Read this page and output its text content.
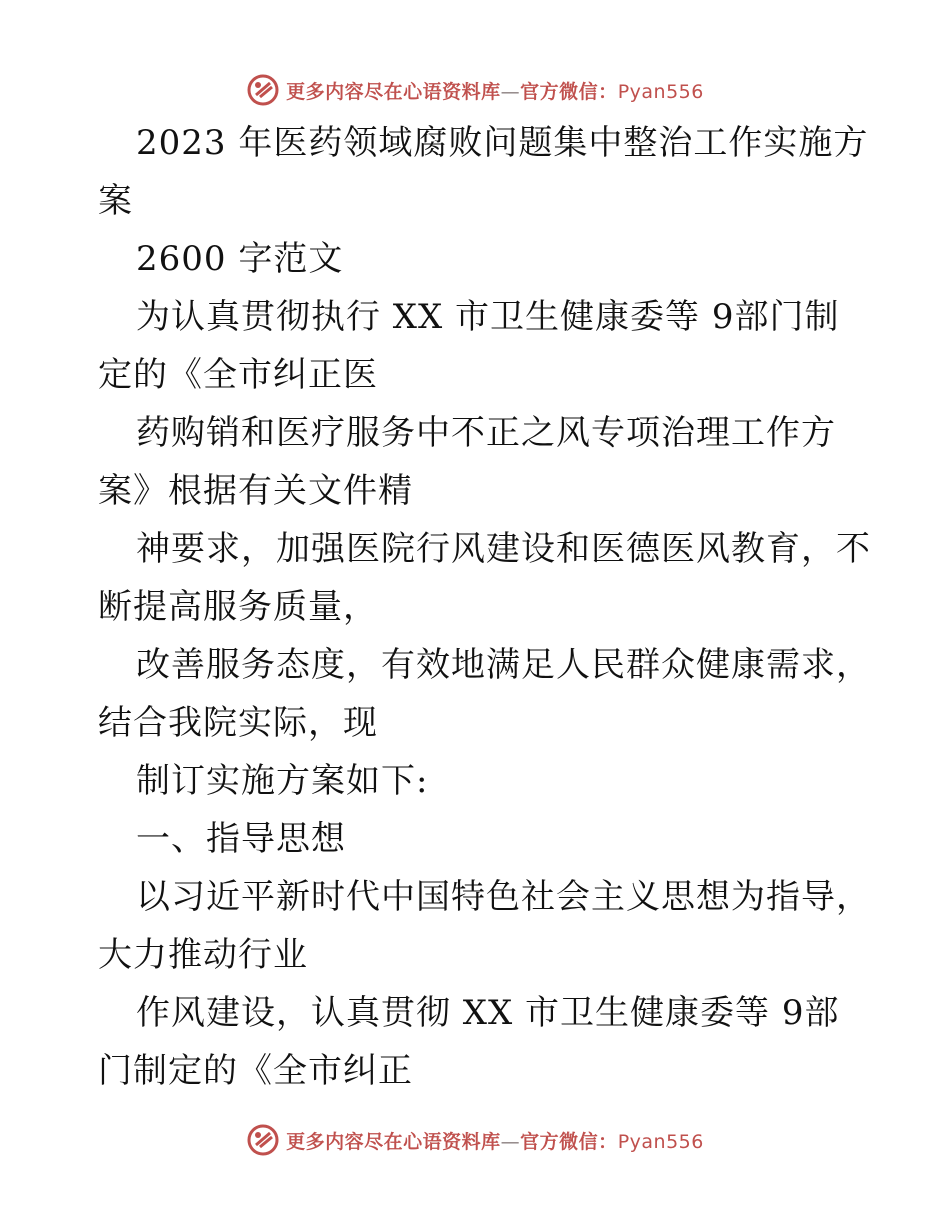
更多内容尽在心语资料库—官方微信：Pyan556
2023 年医药领域腐败问题集中整治工作实施方
案
2600 字范文
为认真贯彻执行 XX 市卫生健康委等 9部门制
定的《全市纠正医
药购销和医疗服务中不正之风专项治理工作方
案》根据有关文件精
神要求，加强医院行风建设和医德医风教育，不
断提高服务质量，
改善服务态度，有效地满足人民群众健康需求，
结合我院实际，现
制订实施方案如下:
一、指导思想
以习近平新时代中国特色社会主义思想为指导，
大力推动行业
作风建设，认真贯彻 XX 市卫生健康委等 9部
门制定的《全市纠正
更多内容尽在心语资料库—官方微信：Pyan556
